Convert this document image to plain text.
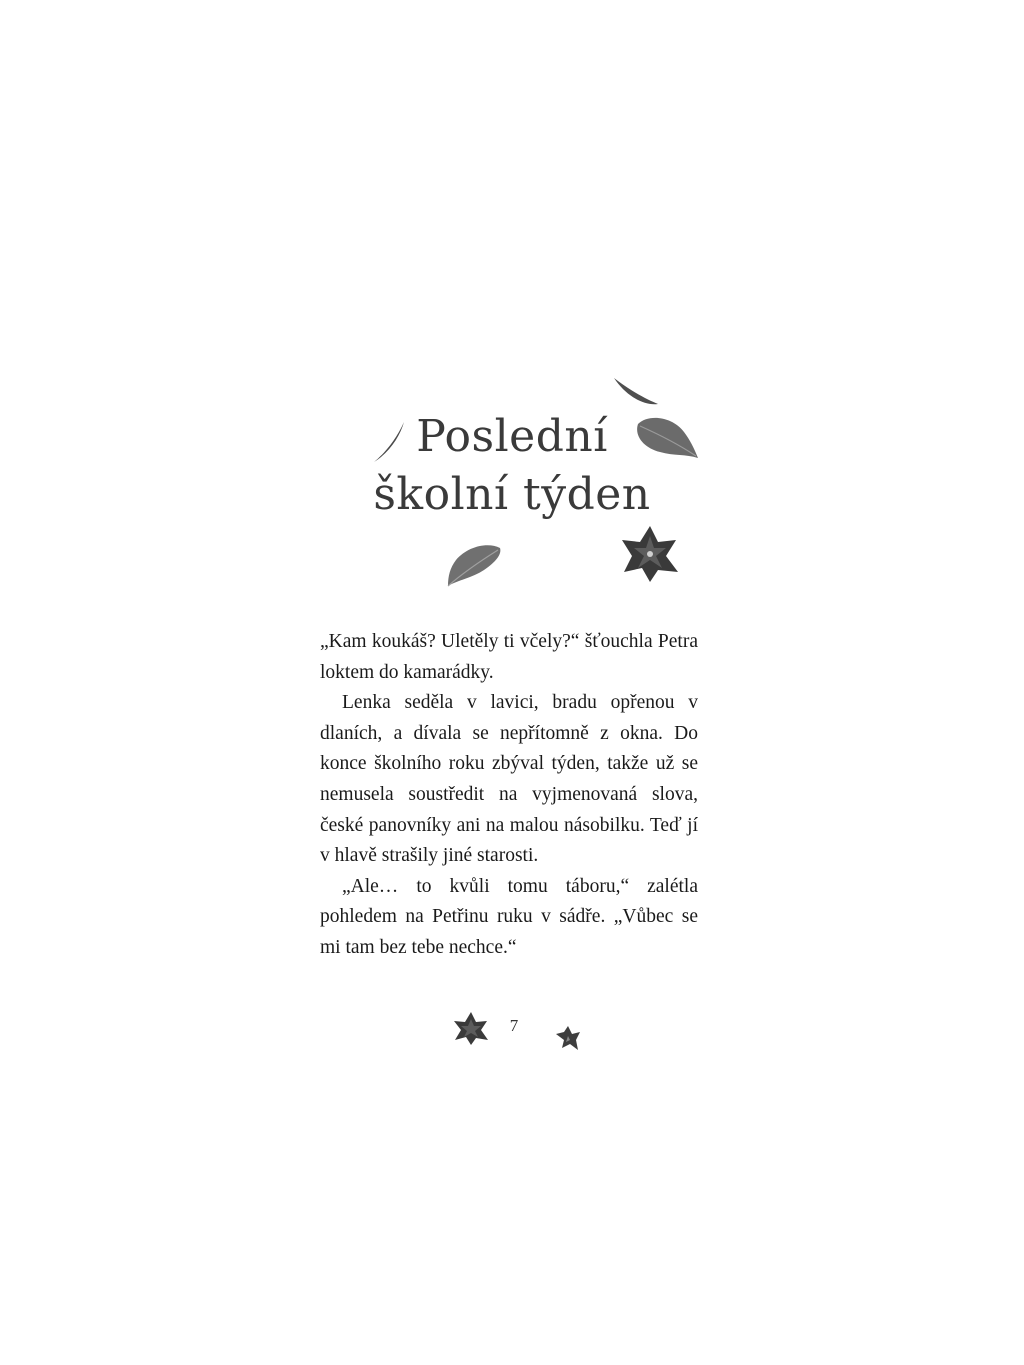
Poslední
školní týden

„Kam koukáš? Uletěly ti včely?“ šťouchla Petra loktem do kamarádky.

Lenka seděla v lavici, bradu opřenou v dlaních, a dívala se nepřítomně z okna. Do konce školního roku zbýval týden, takže už se nemusela soustředit na vyjmenovaná slova, české panovníky ani na malou násobilku. Teď jí v hlavě strašily jiné starosti.

„Ale… to kvůli tomu táboru,“ zalétla pohledem na Petřinu ruku v sádře. „Vůbec se mi tam bez tebe nechce.“

7
